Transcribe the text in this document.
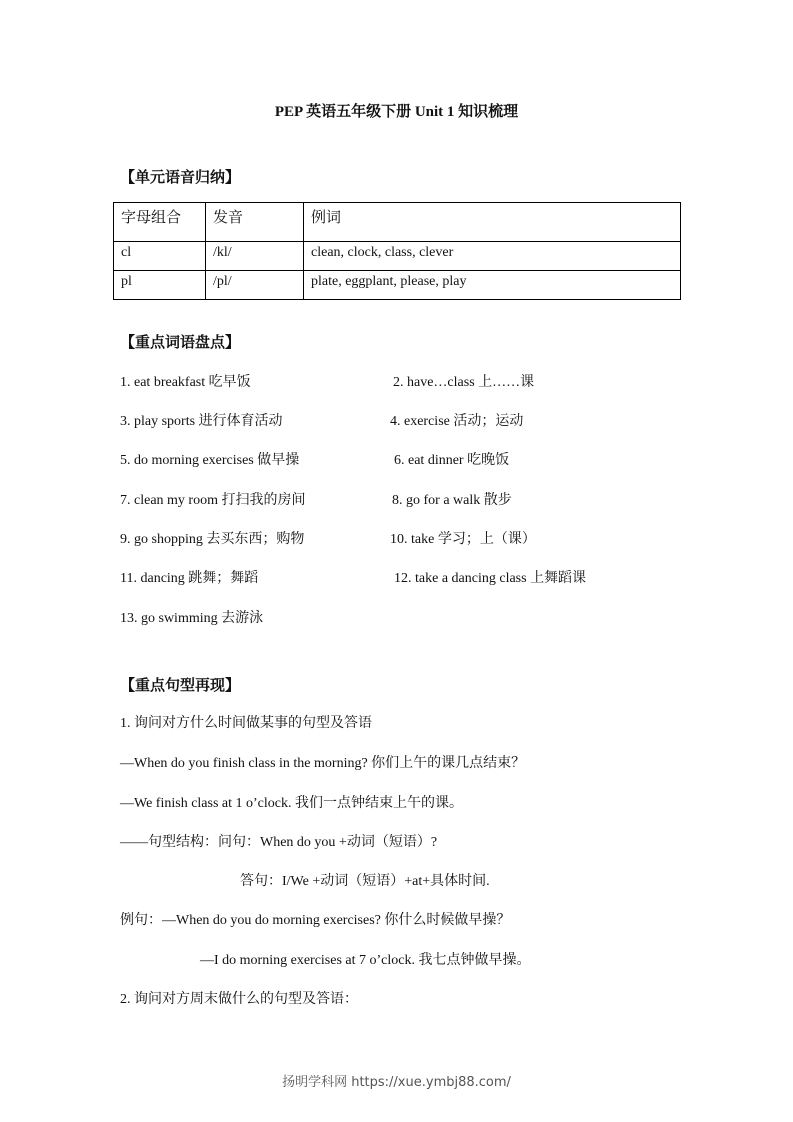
PEP 英语五年级下册 Unit 1 知识梳理
【单元语音归纳】
字母组合	发音	例词
cl	/kl/	clean, clock, class, clever
pl	/pl/	plate, eggplant, please, play
【重点词语盘点】
1. eat breakfast 吃早饭	2. have…class 上……课
3. play sports 进行体育活动	4. exercise 活动；运动
5. do morning exercises 做早操	6. eat dinner 吃晚饭
7. clean my room 打扫我的房间	8. go for a walk 散步
9. go shopping 去买东西；购物	10. take 学习；上（课）
11. dancing 跳舞；舞蹈	12. take a dancing class 上舞蹈课
13. go swimming 去游泳
【重点句型再现】
1. 询问对方什么时间做某事的句型及答语
—When do you finish class in the morning? 你们上午的课几点结束？
—We finish class at 1 o’clock. 我们一点钟结束上午的课。
——句型结构：问句：When do you +动词（短语）?
答句：I/We +动词（短语）+at+具体时间.
例句：—When do you do morning exercises? 你什么时候做早操？
—I do morning exercises at 7 o’clock. 我七点钟做早操。
2. 询问对方周末做什么的句型及答语：
扬明学科网 https://xue.ymbj88.com/
